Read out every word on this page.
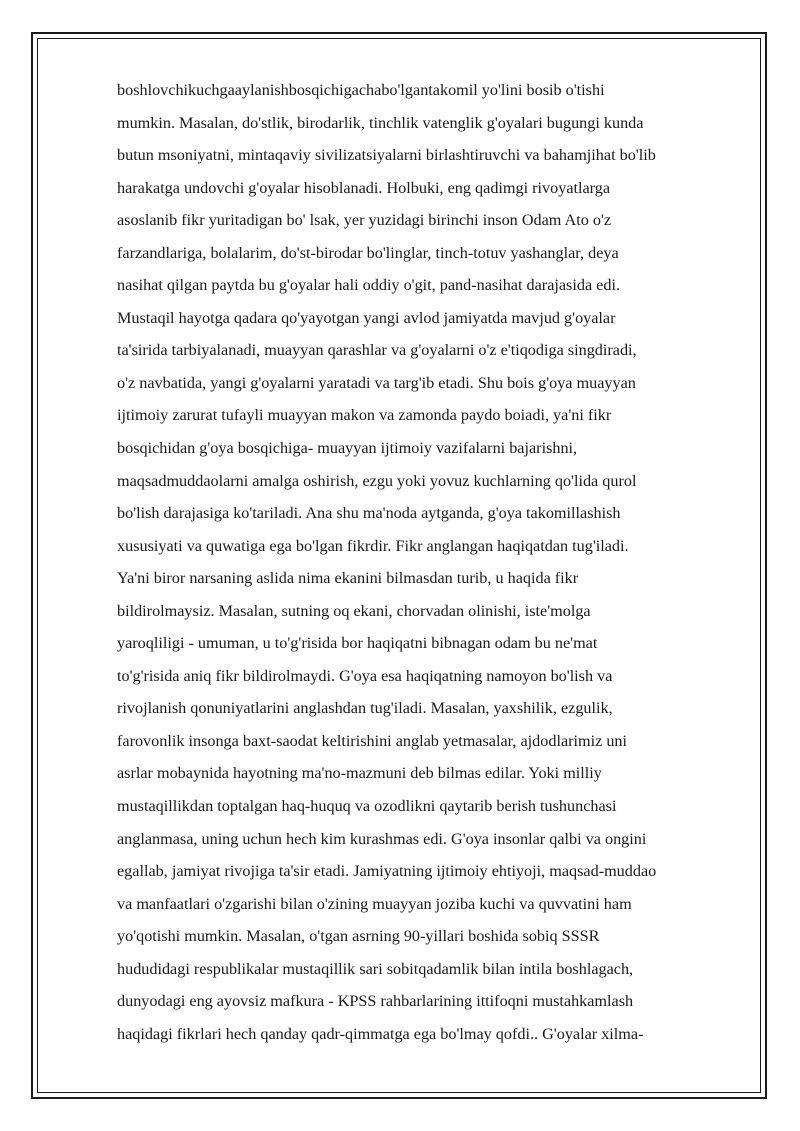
boshlovchikuchgaaylanishbosqichigachabo'lgantakomil yo'lini bosib o'tishi
mumkin. Masalan, do'stlik, birodarlik, tinchlik vatenglik g'oyalari bugungi kunda
butun msoniyatni, mintaqaviy sivilizatsiyalarni birlashtiruvchi va bahamjihat bo'lib
harakatga undovchi g'oyalar hisoblanadi. Holbuki, eng qadimgi rivoyatlarga
asoslanib fikr yuritadigan bo' lsak, yer yuzidagi birinchi inson Odam Ato o'z
farzandlariga, bolalarim, do'st-birodar bo'linglar, tinch-totuv yashanglar, deya
nasihat qilgan paytda bu g'oyalar hali oddiy o'git, pand-nasihat darajasida edi.
Mustaqil hayotga qadara qo'yayotgan yangi avlod jamiyatda mavjud g'oyalar
ta'sirida tarbiyalanadi, muayyan qarashlar va g'oyalarni o'z e'tiqodiga singdiradi,
o'z navbatida, yangi g'oyalarni yaratadi va targ'ib etadi. Shu bois g'oya muayyan
ijtimoiy zarurat tufayli muayyan makon va zamonda paydo boiadi, ya'ni fikr
bosqichidan g'oya bosqichiga- muayyan ijtimoiy vazifalarni bajarishni,
maqsadmuddaolarni amalga oshirish, ezgu yoki yovuz kuchlarning qo'lida qurol
bo'lish darajasiga ko'tariladi. Ana shu ma'noda aytganda, g'oya takomillashish
xususiyati va quwatiga ega bo'lgan fikrdir. Fikr anglangan haqiqatdan tug'iladi.
Ya'ni biror narsaning aslida nima ekanini bilmasdan turib, u haqida fikr
bildirolmaysiz. Masalan, sutning oq ekani, chorvadan olinishi, iste'molga
yaroqliligi - umuman, u to'g'risida bor haqiqatni bibnagan odam bu ne'mat
to'g'risida aniq fikr bildirolmaydi. G'oya esa haqiqatning namoyon bo'lish va
rivojlanish qonuniyatlarini anglashdan tug'iladi. Masalan, yaxshilik, ezgulik,
farovonlik insonga baxt-saodat keltirishini anglab yetmasalar, ajdodlarimiz uni
asrlar mobaynida hayotning ma'no-mazmuni deb bilmas edilar. Yoki milliy
mustaqillikdan toptalgan haq-huquq va ozodlikni qaytarib berish tushunchasi
anglanmasa, uning uchun hech kim kurashmas edi. G'oya insonlar qalbi va ongini
egallab, jamiyat rivojiga ta'sir etadi. Jamiyatning ijtimoiy ehtiyoji, maqsad-muddao
va manfaatlari o'zgarishi bilan o'zining muayyan joziba kuchi va quvvatini ham
yo'qotishi mumkin. Masalan, o'tgan asrning 90-yillari boshida sobiq SSSR
hududidagi respublikalar mustaqillik sari sobitqadamlik bilan intila boshlagach,
dunyodagi eng ayovsiz mafkura - KPSS rahbarlarining ittifoqni mustahkamlash
haqidagi fikrlari hech qanday qadr-qimmatga ega bo'lmay qofdi.. G'oyalar xilma-
